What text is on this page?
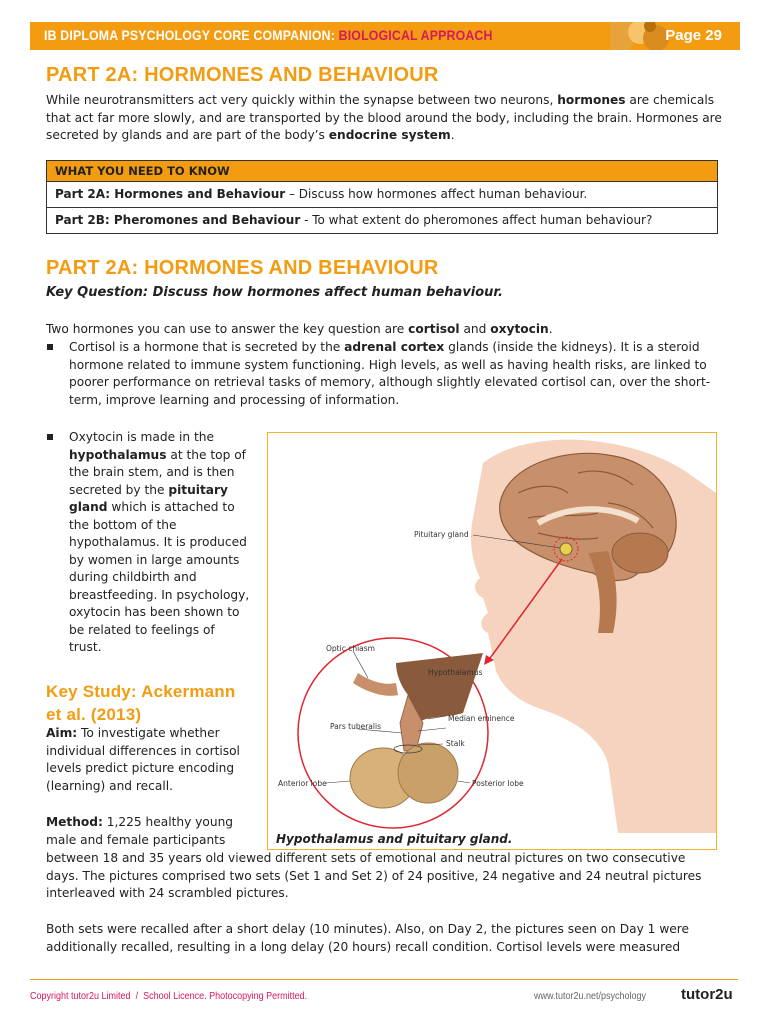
IB DIPLOMA PSYCHOLOGY CORE COMPANION: BIOLOGICAL APPROACH	Page 29
PART 2A: HORMONES AND BEHAVIOUR
While neurotransmitters act very quickly within the synapse between two neurons, hormones are chemicals that act far more slowly, and are transported by the blood around the body, including the brain. Hormones are secreted by glands and are part of the body’s endocrine system.
WHAT YOU NEED TO KNOW
Part 2A: Hormones and Behaviour – Discuss how hormones affect human behaviour.
Part 2B: Pheromones and Behaviour - To what extent do pheromones affect human behaviour?
PART 2A: HORMONES AND BEHAVIOUR
Key Question: Discuss how hormones affect human behaviour.
Two hormones you can use to answer the key question are cortisol and oxytocin.
Cortisol is a hormone that is secreted by the adrenal cortex glands (inside the kidneys). It is a steroid hormone related to immune system functioning. High levels, as well as having health risks, are linked to poorer performance on retrieval tasks of memory, although slightly elevated cortisol can, over the short-term, improve learning and processing of information.
Oxytocin is made in the
hypothalamus at the top of
the brain stem, and is then
secreted by the pituitary
gland which is attached to
the bottom of the
hypothalamus. It is produced
by women in large amounts
during childbirth and
breastfeeding. In psychology,
oxytocin has been shown to
be related to feelings of
trust.
Key Study: Ackermann
et al. (2013)
Aim: To investigate whether
individual differences in cortisol
levels predict picture encoding
(learning) and recall.
Method: 1,225 healthy young
male and female participants
between 18 and 35 years old viewed different sets of emotional and neutral pictures on two consecutive days. The pictures comprised two sets (Set 1 and Set 2) of 24 positive, 24 negative and 24 neutral pictures interleaved with 24 scrambled pictures.
Both sets were recalled after a short delay (10 minutes). Also, on Day 2, the pictures seen on Day 1 were additionally recalled, resulting in a long delay (20 hours) recall condition. Cortisol levels were measured
Pituitary gland
Optic chiasm
Hypothalamus
Median eminence
Pars tuberalis
Stalk
Anterior lobe	Posterior lobe
Hypothalamus and pituitary gland.
Copyright tutor2u Limited / School Licence. Photocopying Permitted.	www.tutor2u.net/psychology tutor2u
